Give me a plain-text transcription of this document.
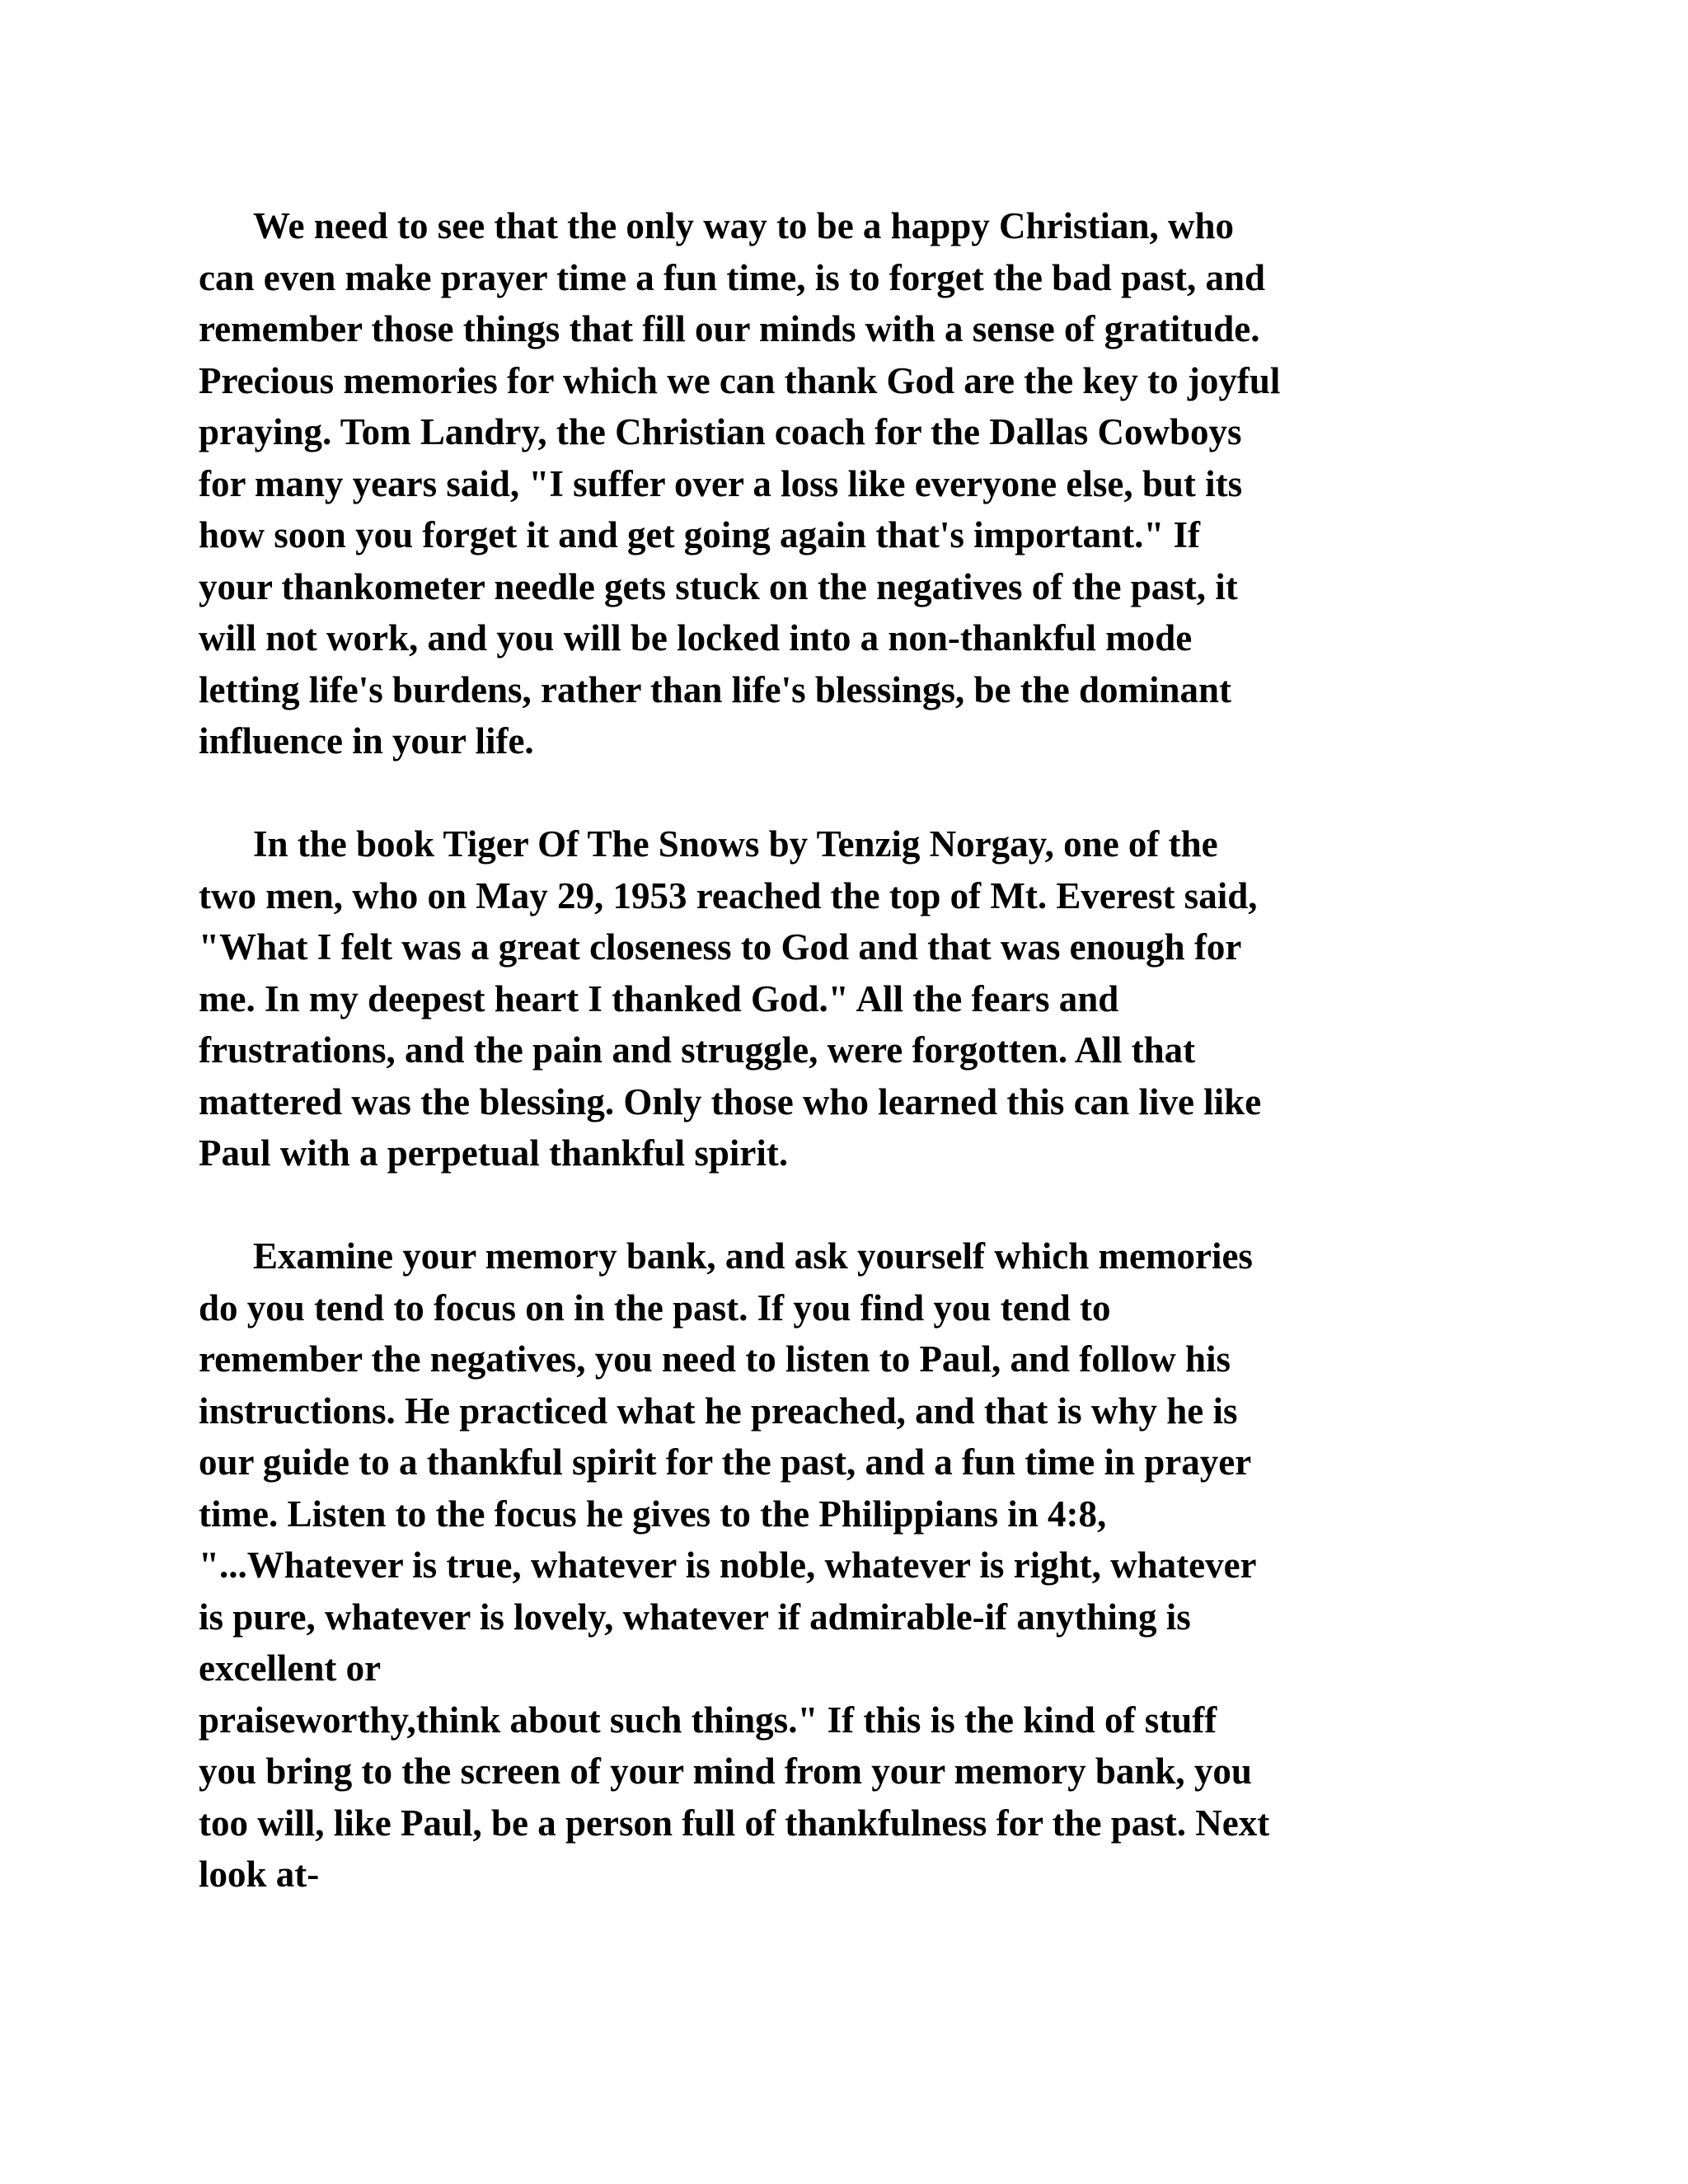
We need to see that the only way to be a happy Christian, who
can even make prayer time a fun time, is to forget the bad past, and
remember those things that fill our minds with a sense of gratitude.
Precious memories for which we can thank God are the key to joyful
praying. Tom Landry, the Christian coach for the Dallas Cowboys
for many years said, "I suffer over a loss like everyone else, but its
how soon you forget it and get going again that's important." If
your thankometer needle gets stuck on the negatives of the past, it
will not work, and you will be locked into a non-thankful mode
letting life's burdens, rather than life's blessings, be the dominant
influence in your life.

In the book Tiger Of The Snows by Tenzig Norgay, one of the
two men, who on May 29, 1953 reached the top of Mt. Everest said,
"What I felt was a great closeness to God and that was enough for
me. In my deepest heart I thanked God." All the fears and
frustrations, and the pain and struggle, were forgotten. All that
mattered was the blessing. Only those who learned this can live like
Paul with a perpetual thankful spirit.

Examine your memory bank, and ask yourself which memories
do you tend to focus on in the past. If you find you tend to
remember the negatives, you need to listen to Paul, and follow his
instructions. He practiced what he preached, and that is why he is
our guide to a thankful spirit for the past, and a fun time in prayer
time. Listen to the focus he gives to the Philippians in 4:8,
"...Whatever is true, whatever is noble, whatever is right, whatever
is pure, whatever is lovely, whatever if admirable-if anything is
excellent or
praiseworthy,think about such things." If this is the kind of stuff
you bring to the screen of your mind from your memory bank, you
too will, like Paul, be a person full of thankfulness for the past. Next
look at-
